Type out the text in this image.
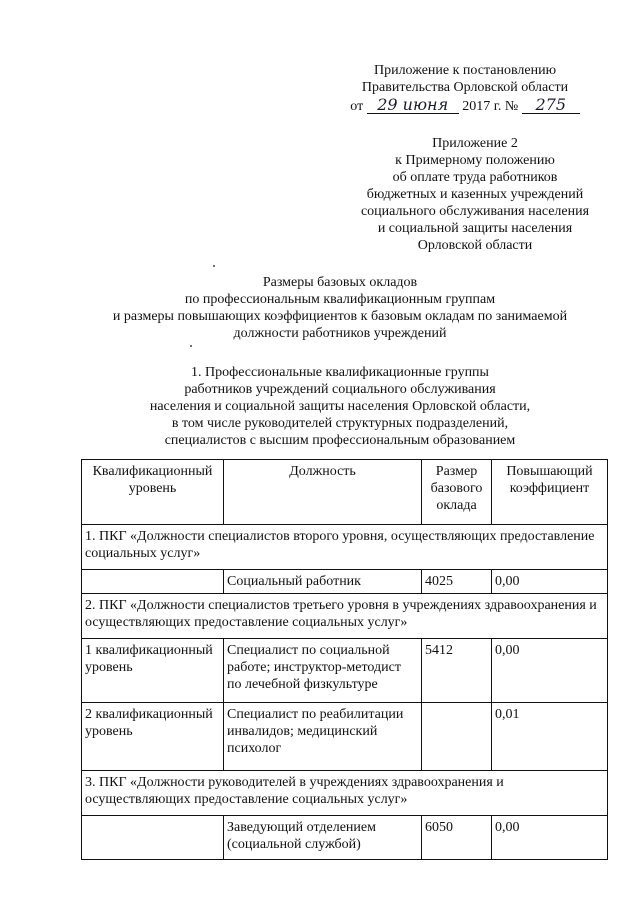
Приложение к постановлению
Правительства Орловской области
от 29 июня 2017 г. № 275
Приложение 2
к Примерному положению
об оплате труда работников
бюджетных и казенных учреждений
социального обслуживания населения
и социальной защиты населения
Орловской области
Размеры базовых окладов
по профессиональным квалификационным группам
и размеры повышающих коэффициентов к базовым окладам по занимаемой
должности работников учреждений
1. Профессиональные квалификационные группы
работников учреждений социального обслуживания
населения и социальной защиты населения Орловской области,
в том числе руководителей структурных подразделений,
специалистов с высшим профессиональным образованием
Квалификационный уровень	Должность	Размер базового оклада	Повышающий коэффициент
1. ПКГ «Должности специалистов второго уровня, осуществляющих предоставление социальных услуг»			
	Социальный работник	4025	0,00
2. ПКГ «Должности специалистов третьего уровня в учреждениях здравоохранения и осуществляющих предоставление социальных услуг»			
1 квалификационный уровень	Специалист по социальной работе; инструктор-методист по лечебной физкультуре	5412	0,00
2 квалификационный уровень	Специалист по реабилитации инвалидов; медицинский психолог		0,01
3. ПКГ «Должности руководителей в учреждениях здравоохранения и осуществляющих предоставление социальных услуг»			
	Заведующий отделением (социальной службой)	6050	0,00
